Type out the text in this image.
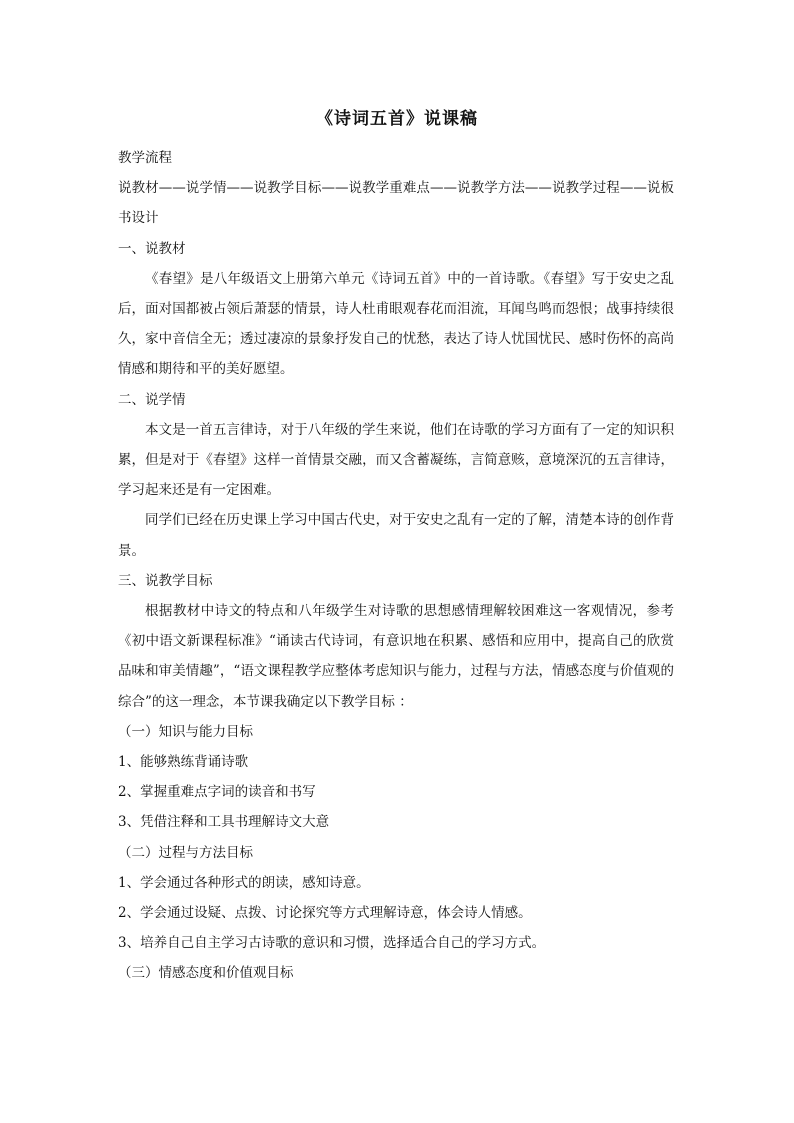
《诗词五首》说课稿

教学流程

说教材——说学情——说教学目标——说教学重难点——说教学方法——说教学过程——说板书设计

一、说教材

《春望》是八年级语文上册第六单元《诗词五首》中的一首诗歌。《春望》写于安史之乱后，面对国都被占领后萧瑟的情景，诗人杜甫眼观春花而泪流，耳闻鸟鸣而怨恨；战事持续很久，家中音信全无；透过凄凉的景象抒发自己的忧愁，表达了诗人忧国忧民、感时伤怀的高尚情感和期待和平的美好愿望。

二、说学情

本文是一首五言律诗，对于八年级的学生来说，他们在诗歌的学习方面有了一定的知识积累，但是对于《春望》这样一首情景交融，而又含蓄凝练，言简意赅，意境深沉的五言律诗，学习起来还是有一定困难。

同学们已经在历史课上学习中国古代史，对于安史之乱有一定的了解，清楚本诗的创作背景。

三、说教学目标

根据教材中诗文的特点和八年级学生对诗歌的思想感情理解较困难这一客观情况，参考《初中语文新课程标准》“诵读古代诗词，有意识地在积累、感悟和应用中，提高自己的欣赏品味和审美情趣”，“语文课程教学应整体考虑知识与能力，过程与方法，情感态度与价值观的综合”的这一理念，本节课我确定以下教学目标 ：

（一）知识与能力目标

1、能够熟练背诵诗歌

2、掌握重难点字词的读音和书写

3、凭借注释和工具书理解诗文大意

（二）过程与方法目标

1、学会通过各种形式的朗读，感知诗意。

2、学会通过设疑、点拨、讨论探究等方式理解诗意，体会诗人情感。

3、培养自己自主学习古诗歌的意识和习惯，选择适合自己的学习方式。

（三）情感态度和价值观目标
